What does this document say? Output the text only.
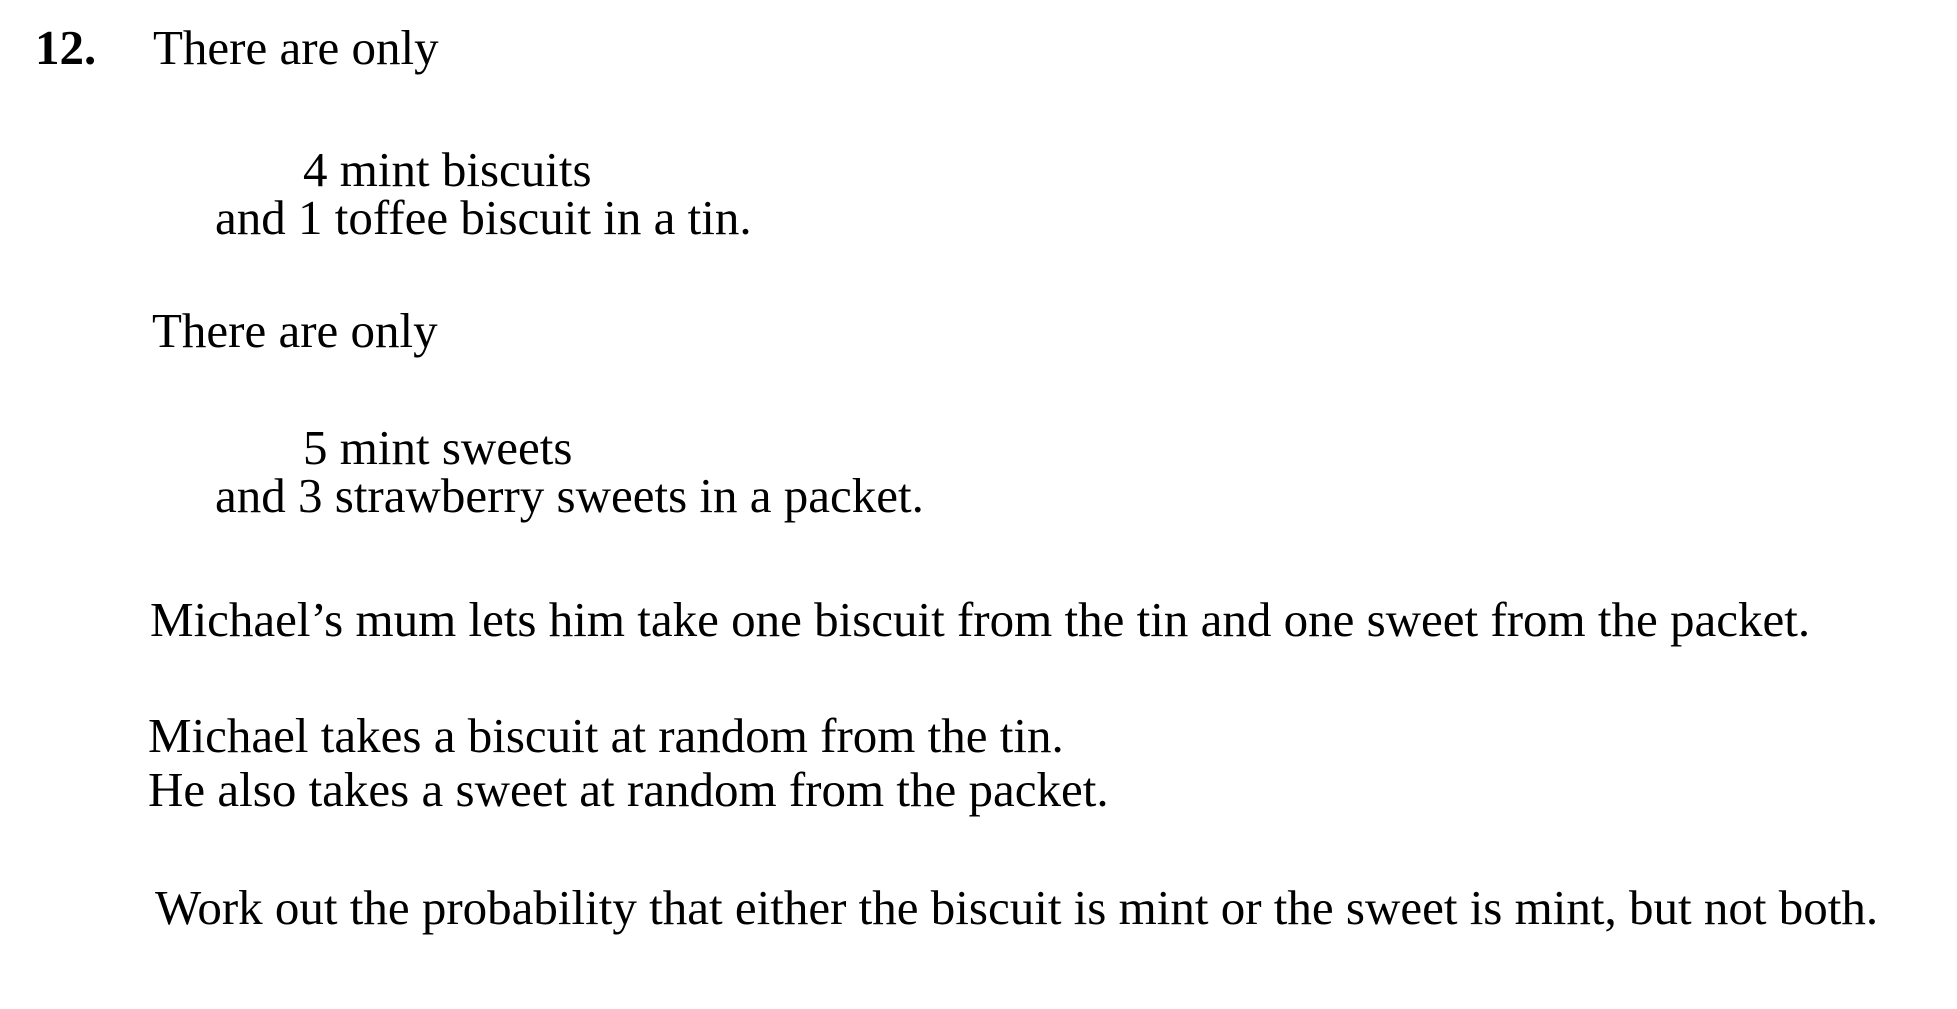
12. There are only
4 mint biscuits
and 1 toffee biscuit in a tin.
There are only
5 mint sweets
and 3 strawberry sweets in a packet.
Michael’s mum lets him take one biscuit from the tin and one sweet from the packet.
Michael takes a biscuit at random from the tin.
He also takes a sweet at random from the packet.
Work out the probability that either the biscuit is mint or the sweet is mint, but not both.
